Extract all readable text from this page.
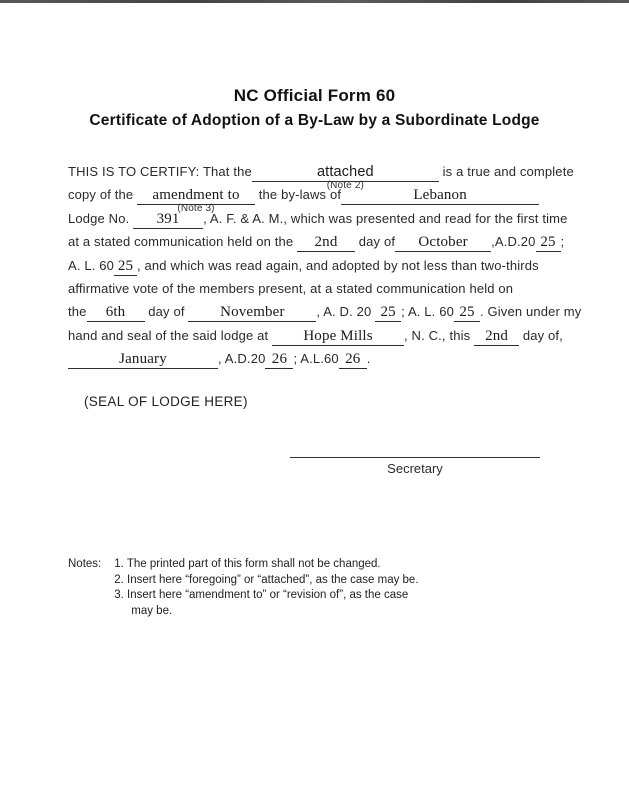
NC Official Form 60
Certificate of Adoption of a By-Law by a Subordinate Lodge
THIS IS TO CERTIFY: That the	attached
(Note 2)
is a true and complete
copy of the amendment to
(Note 3)
the by-laws of	Lebanon
Lodge No. 391 , A. F. & A. M., which was presented and read for the first time
at a stated communication held on the 2nd day of October ,A.D.20 25 ;
A. L. 60 25 , and which was read again, and adopted by not less than two-thirds
affirmative vote of the members present, at a stated communication held on
the 6th day of November , A. D. 20 25 ; A. L. 60 25 . Given under my
hand and seal of the said lodge at Hope Mills , N. C., this 2nd day of,
January	, A.D.20 26 ; A.L.60 26 .
(SEAL OF LODGE HERE)
Secretary
Notes: 1. The printed part of this form shall not be changed.
2. Insert here “foregoing” or “attached”, as the case may be.
3. Insert here “amendment to” or “revision of”, as the case
may be.
